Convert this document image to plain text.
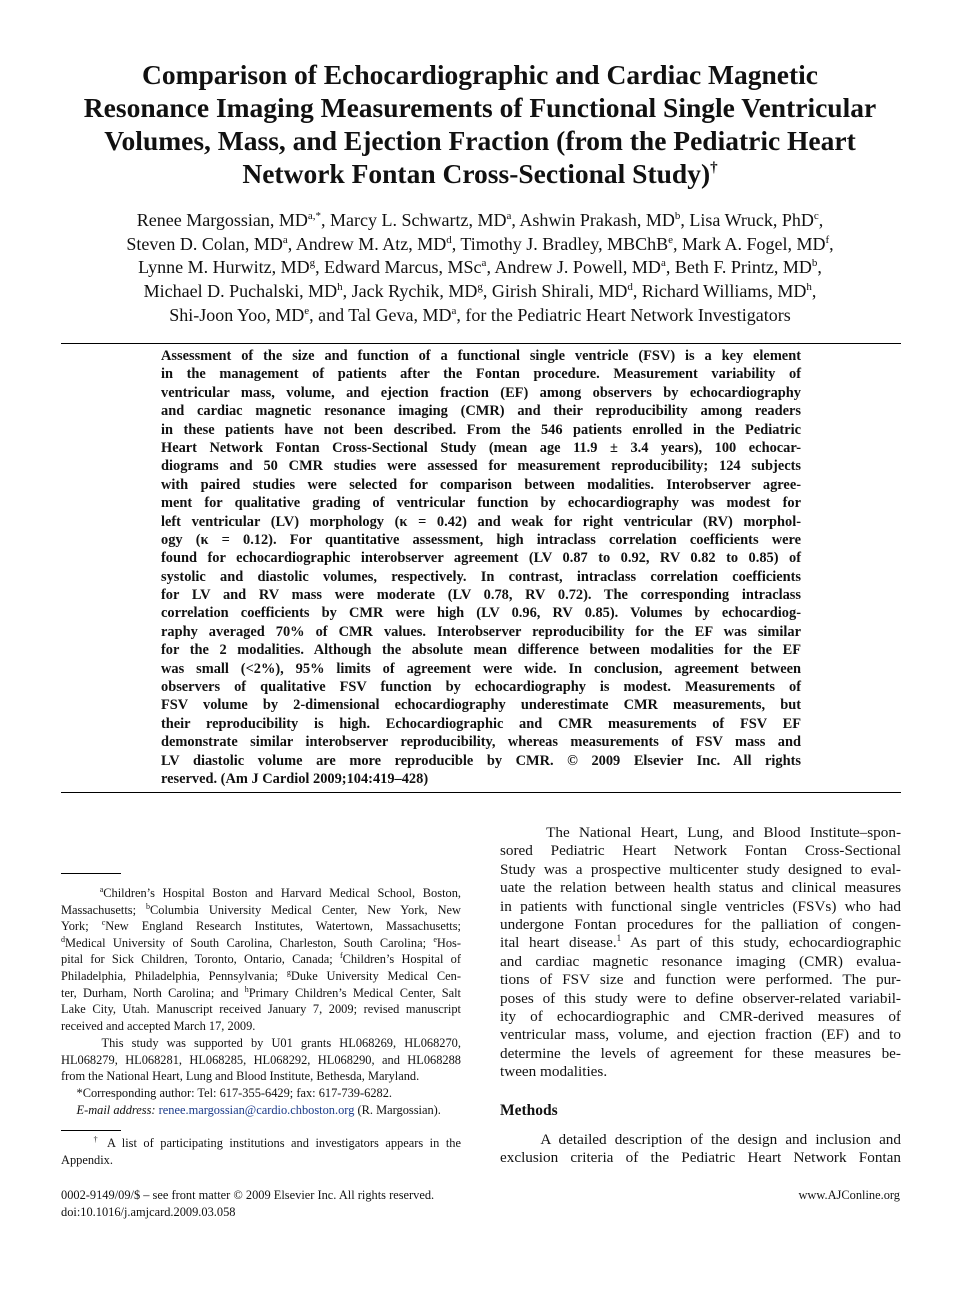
Comparison of Echocardiographic and Cardiac Magnetic
Resonance Imaging Measurements of Functional Single Ventricular
Volumes, Mass, and Ejection Fraction (from the Pediatric Heart
Network Fontan Cross-Sectional Study)†
Renee Margossian, $MD^{a,*}$, Marcy L. Schwartz, $MD^a$, Ashwin Prakash, $MD^b$, Lisa Wruck, PhD$^c$,
Steven D. Colan, $MD^a$, Andrew M. Atz, $MD^d$, Timothy J. Bradley, MBChB$^e$, Mark A. Fogel, $MD^f$,
Lynne M. Hurwitz, $MD^g$, Edward Marcus, MSc$^a$, Andrew J. Powell, $MD^a$, Beth F. Printz, $MD^b$,
Michael D. Puchalski, $MD^h$, Jack Rychik, $MD^g$, Girish Shirali, $MD^d$, Richard Williams, $MD^h$,
Shi-Joon Yoo, MDe, and Tal Geva, $MD^a$, for the Pediatric Heart Network Investigators
Assessment of the size and function of a functional single ventricle (FSV) is a key element
in the management of patients after the Fontan procedure. Measurement variability of
ventricular mass, volume, and ejection fraction (EF) among observers by echocardiography
and cardiac magnetic resonance imaging (CMR) and their reproducibility among readers
in these patients have not been described. From the 546 patients enrolled in the Pediatric
Heart Network Fontan Cross-Sectional Study (mean age 11.9 ± 3.4 years), 100 echocar-
diograms and 50 CMR studies were assessed for measurement reproducibility; 124 subjects
with paired studies were selected for comparison between modalities. Interobserver agree-
ment for qualitative grading of ventricular function by echocardiography was modest for
left ventricular (LV) morphology (κ = 0.42) and weak for right ventricular (RV) morphol-
ogy (κ = 0.12). For quantitative assessment, high intraclass correlation coefficients were
found for echocardiographic interobserver agreement (LV 0.87 to 0.92, RV 0.82 to 0.85) of
systolic and diastolic volumes, respectively. In contrast, intraclass correlation coefficients
for LV and RV mass were moderate (LV 0.78, RV 0.72). The corresponding intraclass
correlation coefficients by CMR were high (LV 0.96, RV 0.85). Volumes by echocardiog-
raphy averaged 70% of CMR values. Interobserver reproducibility for the EF was similar
for the 2 modalities. Although the absolute mean difference between modalities for the EF
was small (<2%), 95% limits of agreement were wide. In conclusion, agreement between
observers of qualitative FSV function by echocardiography is modest. Measurements of
FSV volume by 2-dimensional echocardiography underestimate CMR measurements, but
their reproducibility is high. Echocardiographic and CMR measurements of FSV EF
demonstrate similar interobserver reproducibility, whereas measurements of FSV mass and
LV diastolic volume are more reproducible by CMR. © 2009 Elsevier Inc. All rights
reserved. (Am J Cardiol 2009;104:419–428)
$^a$Children’s Hospital Boston and Harvard Medical School, Boston,
Massachusetts; $^b$Columbia University Medical Center, New York, New
York; $^c$New England Research Institutes, Watertown, Massachusetts;
$^d$Medical University of South Carolina, Charleston, South Carolina; $^e$Hos-
pital for Sick Children, Toronto, Ontario, Canada; $^f$Children’s Hospital of
Philadelphia, Philadelphia, Pennsylvania; $^g$Duke University Medical Cen-
ter, Durham, North Carolina; and $^h$Primary Children’s Medical Center, Salt
Lake City, Utah. Manuscript received January 7, 2009; revised manuscript
received and accepted March 17, 2009.
This study was supported by U01 grants HL068269, HL068270,
HL068279, HL068281, HL068285, HL068292, HL068290, and HL068288
from the National Heart, Lung and Blood Institute, Bethesda, Maryland.
*Corresponding author: Tel: 617-355-6429; fax: 617-739-6282.
E-mail address: renee.margossian@cardio.chboston.org (R. Margossian).
† A list of participating institutions and investigators appears in the
Appendix.
The National Heart, Lung, and Blood Institute–spon-
sored Pediatric Heart Network Fontan Cross-Sectional
Study was a prospective multicenter study designed to eval-
uate the relation between health status and clinical measures
in patients with functional single ventricles (FSVs) who had
undergone Fontan procedures for the palliation of congen-
ital heart disease.$^1$ As part of this study, echocardiographic
and cardiac magnetic resonance imaging (CMR) evalua-
tions of FSV size and function were performed. The pur-
poses of this study were to define observer-related variabil-
ity of echocardiographic and CMR-derived measures of
ventricular mass, volume, and ejection fraction (EF) and to
determine the levels of agreement for these measures be-
tween modalities.
Methods
A detailed description of the design and inclusion and
exclusion criteria of the Pediatric Heart Network Fontan
0002-9149/09/$ – see front matter © 2009 Elsevier Inc. All rights reserved.
doi:10.1016/j.amjcard.2009.03.058
www.AJConline.org
